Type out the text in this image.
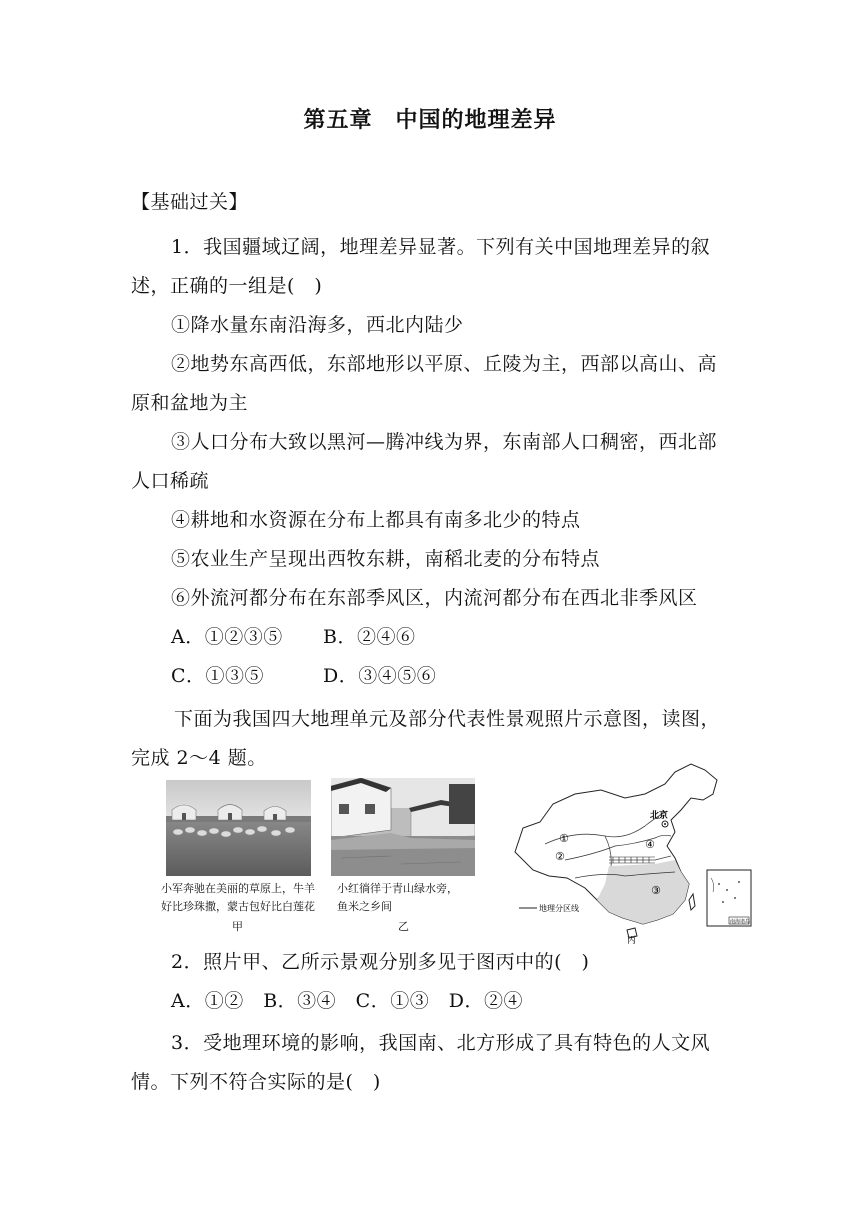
第五章　中国的地理差异
【基础过关】
1．我国疆域辽阔，地理差异显著。下列有关中国地理差异的叙
述，正确的一组是(　)
①降水量东南沿海多，西北内陆少
②地势东高西低，东部地形以平原、丘陵为主，西部以高山、高
原和盆地为主
③人口分布大致以黑河—腾冲线为界，东南部人口稠密，西北部
人口稀疏
④耕地和水资源在分布上都具有南多北少的特点
⑤农业生产呈现出西牧东耕，南稻北麦的分布特点
⑥外流河都分布在东部季风区，内流河都分布在西北非季风区
A．①②③⑤ B．②④⑥
C．①③⑤	D．③④⑤⑥
下面为我国四大地理单元及部分代表性景观照片示意图，读图，
完成 2～4 题。
小军奔驰在美丽的草原上，牛羊
好比珍珠撒，蒙古包好比白莲花
甲
小红徜徉于青山绿水旁，
鱼米之乡间
乙
北京
①
②
③
④
地理分区线
南海诸岛
丙
2．照片甲、乙所示景观分别多见于图丙中的(　)
A．①②　B．③④　C．①③　D．②④
3．受地理环境的影响，我国南、北方形成了具有特色的人文风
情。下列不符合实际的是(　)
